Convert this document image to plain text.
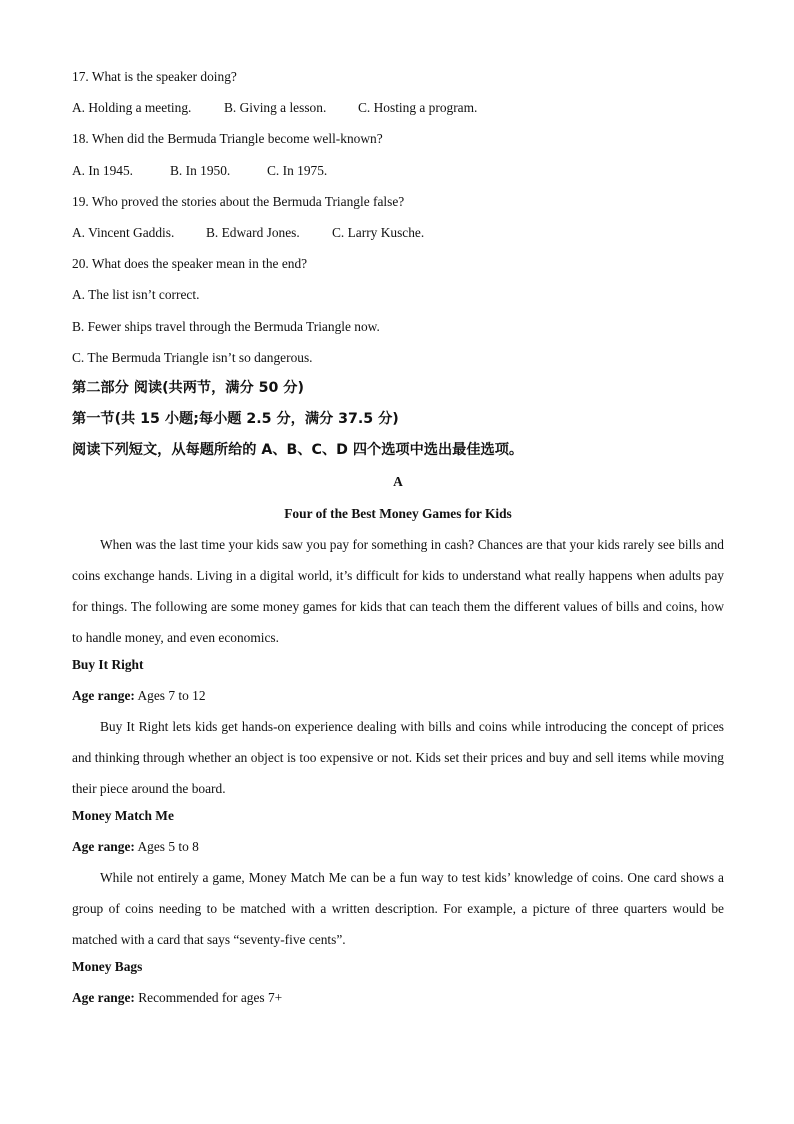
17. What is the speaker doing?
A. Holding a meeting. B. Giving a lesson. C. Hosting a program.
18. When did the Bermuda Triangle become well-known?
A. In 1945.	B. In 1950.	C. In 1975.
19. Who proved the stories about the Bermuda Triangle false?
A. Vincent Gaddis. B. Edward Jones. C. Larry Kusche.
20. What does the speaker mean in the end?
A. The list isn’t correct.
B. Fewer ships travel through the Bermuda Triangle now.
C. The Bermuda Triangle isn’t so dangerous.
第二部分 阅读(共两节，满分 50 分)
第一节(共 15 小题;每小题 2.5 分，满分 37.5 分)
阅读下列短文，从每题所给的 A、B、C、D 四个选项中选出最佳选项。
A
Four of the Best Money Games for Kids

When was the last time your kids saw you pay for something in cash? Chances are that your kids rarely see bills and coins exchange hands. Living in a digital world, it’s difficult for kids to understand what really happens when adults pay for things. The following are some money games for kids that can teach them the different values of bills and coins, how to handle money, and even economics.

Buy It Right
Age range: Ages 7 to 12

Buy It Right lets kids get hands-on experience dealing with bills and coins while introducing the concept of prices and thinking through whether an object is too expensive or not. Kids set their prices and buy and sell items while moving their piece around the board.

Money Match Me
Age range: Ages 5 to 8

While not entirely a game, Money Match Me can be a fun way to test kids’ knowledge of coins. One card shows a group of coins needing to be matched with a written description. For example, a picture of three quarters would be matched with a card that says “seventy-five cents”.

Money Bags
Age range: Recommended for ages 7+
